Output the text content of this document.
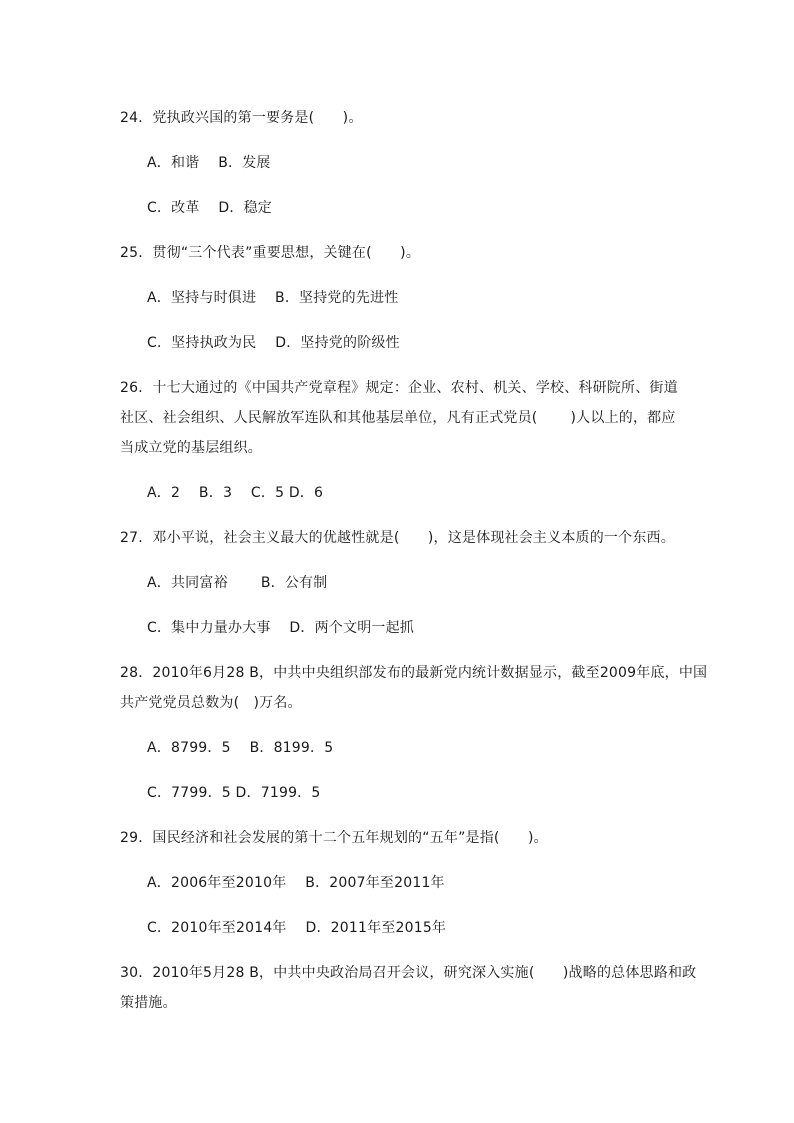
24．党执政兴国的第一要务是(　　)。
A．和谐　 B．发展
C．改革　 D．稳定
25．贯彻“三个代表”重要思想，关键在(　　)。
A．坚持与时俱进　 B．坚持党的先进性
C．坚持执政为民　 D．坚持党的阶级性
26．十七大通过的《中国共产党章程》规定：企业、农村、机关、学校、科研院所、街道
社区、社会组织、人民解放军连队和其他基层单位，凡有正式党员(　　 )人以上的，都应
当成立党的基层组织。
A．2　 B．3　 C．5 D．6
27．邓小平说，社会主义最大的优越性就是(　　)，这是体现社会主义本质的一个东西。
A．共同富裕　　 B．公有制
C．集中力量办大事　 D．两个文明一起抓
28．2010年6月28 B，中共中央组织部发布的最新党内统计数据显示，截至2009年底，中国
共产党党员总数为(　)万名。
A．8799．5　 B．8199．5
C．7799．5 D．7199．5
29．国民经济和社会发展的第十二个五年规划的“五年”是指(　　)。
A．2006年至2010年　 B．2007年至2011年
C．2010年至2014年　 D．2011年至2015年
30．2010年5月28 B，中共中央政治局召开会议，研究深入实施(　　)战略的总体思路和政
策措施。
